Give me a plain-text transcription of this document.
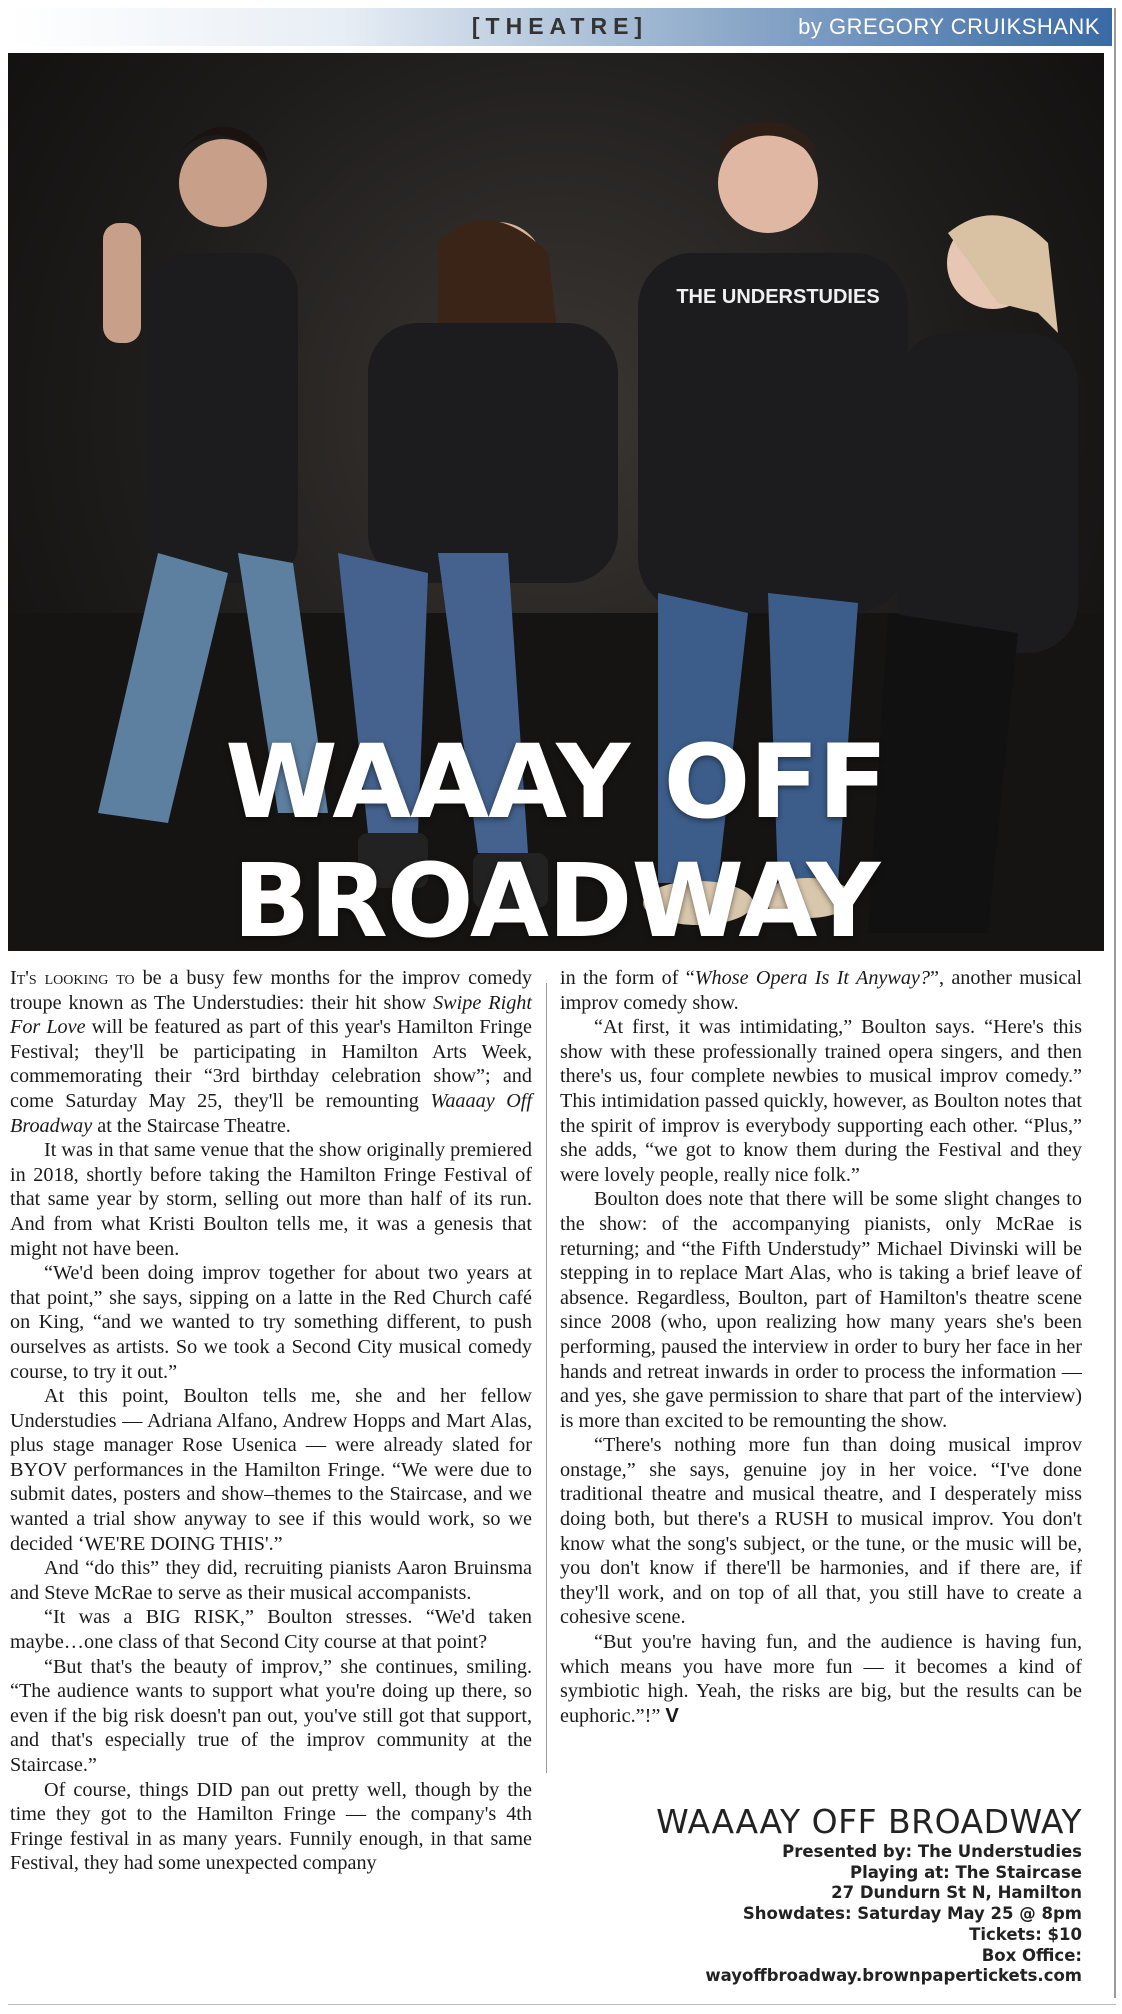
[THEATRE]	by GREGORY CRUIKSHANK
THE UNDERSTUDIES
WAAAY OFF BROADWAY

It's looking to be a busy few months for the improv comedy troupe known as The Understudies: their hit show Swipe Right For Love will be featured as part of this year's Hamilton Fringe Festival; they'll be participating in Hamilton Arts Week, commemorating their “3rd birthday celebration show”; and come Saturday May 25, they'll be remounting Waaaay Off Broadway at the Staircase Theatre.

It was in that same venue that the show originally premiered in 2018, shortly before taking the Hamilton Fringe Festival of that same year by storm, selling out more than half of its run. And from what Kristi Boulton tells me, it was a genesis that might not have been.

“We'd been doing improv together for about two years at that point,” she says, sipping on a latte in the Red Church café on King, “and we wanted to try something different, to push ourselves as artists. So we took a Second City musical comedy course, to try it out.”

At this point, Boulton tells me, she and her fellow Understudies — Adriana Alfano, Andrew Hopps and Mart Alas, plus stage manager Rose Usenica — were already slated for BYOV performances in the Hamilton Fringe. “We were due to submit dates, posters and show–themes to the Staircase, and we wanted a trial show anyway to see if this would work, so we decided ‘WE'RE DOING THIS'.”

And “do this” they did, recruiting pianists Aaron Bruinsma and Steve McRae to serve as their musical accompanists.

“It was a BIG RISK,” Boulton stresses. “We'd taken maybe…one class of that Second City course at that point?

“But that's the beauty of improv,” she continues, smiling. “The audience wants to support what you're doing up there, so even if the big risk doesn't pan out, you've still got that support, and that's especially true of the improv community at the Staircase.”

Of course, things DID pan out pretty well, though by the time they got to the Hamilton Fringe — the company's 4th Fringe festival in as many years. Funnily enough, in that same Festival, they had some unexpected company

in the form of “Whose Opera Is It Anyway?”, another musical improv comedy show.

“At first, it was intimidating,” Boulton says. “Here's this show with these professionally trained opera singers, and then there's us, four complete newbies to musical improv comedy.” This intimidation passed quickly, however, as Boulton notes that the spirit of improv is everybody supporting each other. “Plus,” she adds, “we got to know them during the Festival and they were lovely people, really nice folk.”

Boulton does note that there will be some slight changes to the show: of the accompanying pianists, only McRae is returning; and “the Fifth Understudy” Michael Divinski will be stepping in to replace Mart Alas, who is taking a brief leave of absence. Regardless, Boulton, part of Hamilton's theatre scene since 2008 (who, upon realizing how many years she's been performing, paused the interview in order to bury her face in her hands and retreat inwards in order to process the information — and yes, she gave permission to share that part of the interview) is more than excited to be remounting the show.

“There's nothing more fun than doing musical improv onstage,” she says, genuine joy in her voice. “I've done traditional theatre and musical theatre, and I desperately miss doing both, but there's a RUSH to musical improv. You don't know what the song's subject, or the tune, or the music will be, you don't know if there'll be harmonies, and if there are, if they'll work, and on top of all that, you still have to create a cohesive scene.

“But you're having fun, and the audience is having fun, which means you have more fun — it becomes a kind of symbiotic high. Yeah, the risks are big, but the results can be euphoric.”!” V

WAAAAY OFF BROADWAY
Presented by: The Understudies
Playing at: The Staircase
27 Dundurn St N, Hamilton
Showdates: Saturday May 25 @ 8pm
Tickets: $10
Box Office:
wayoffbroadway.brownpapertickets.com
